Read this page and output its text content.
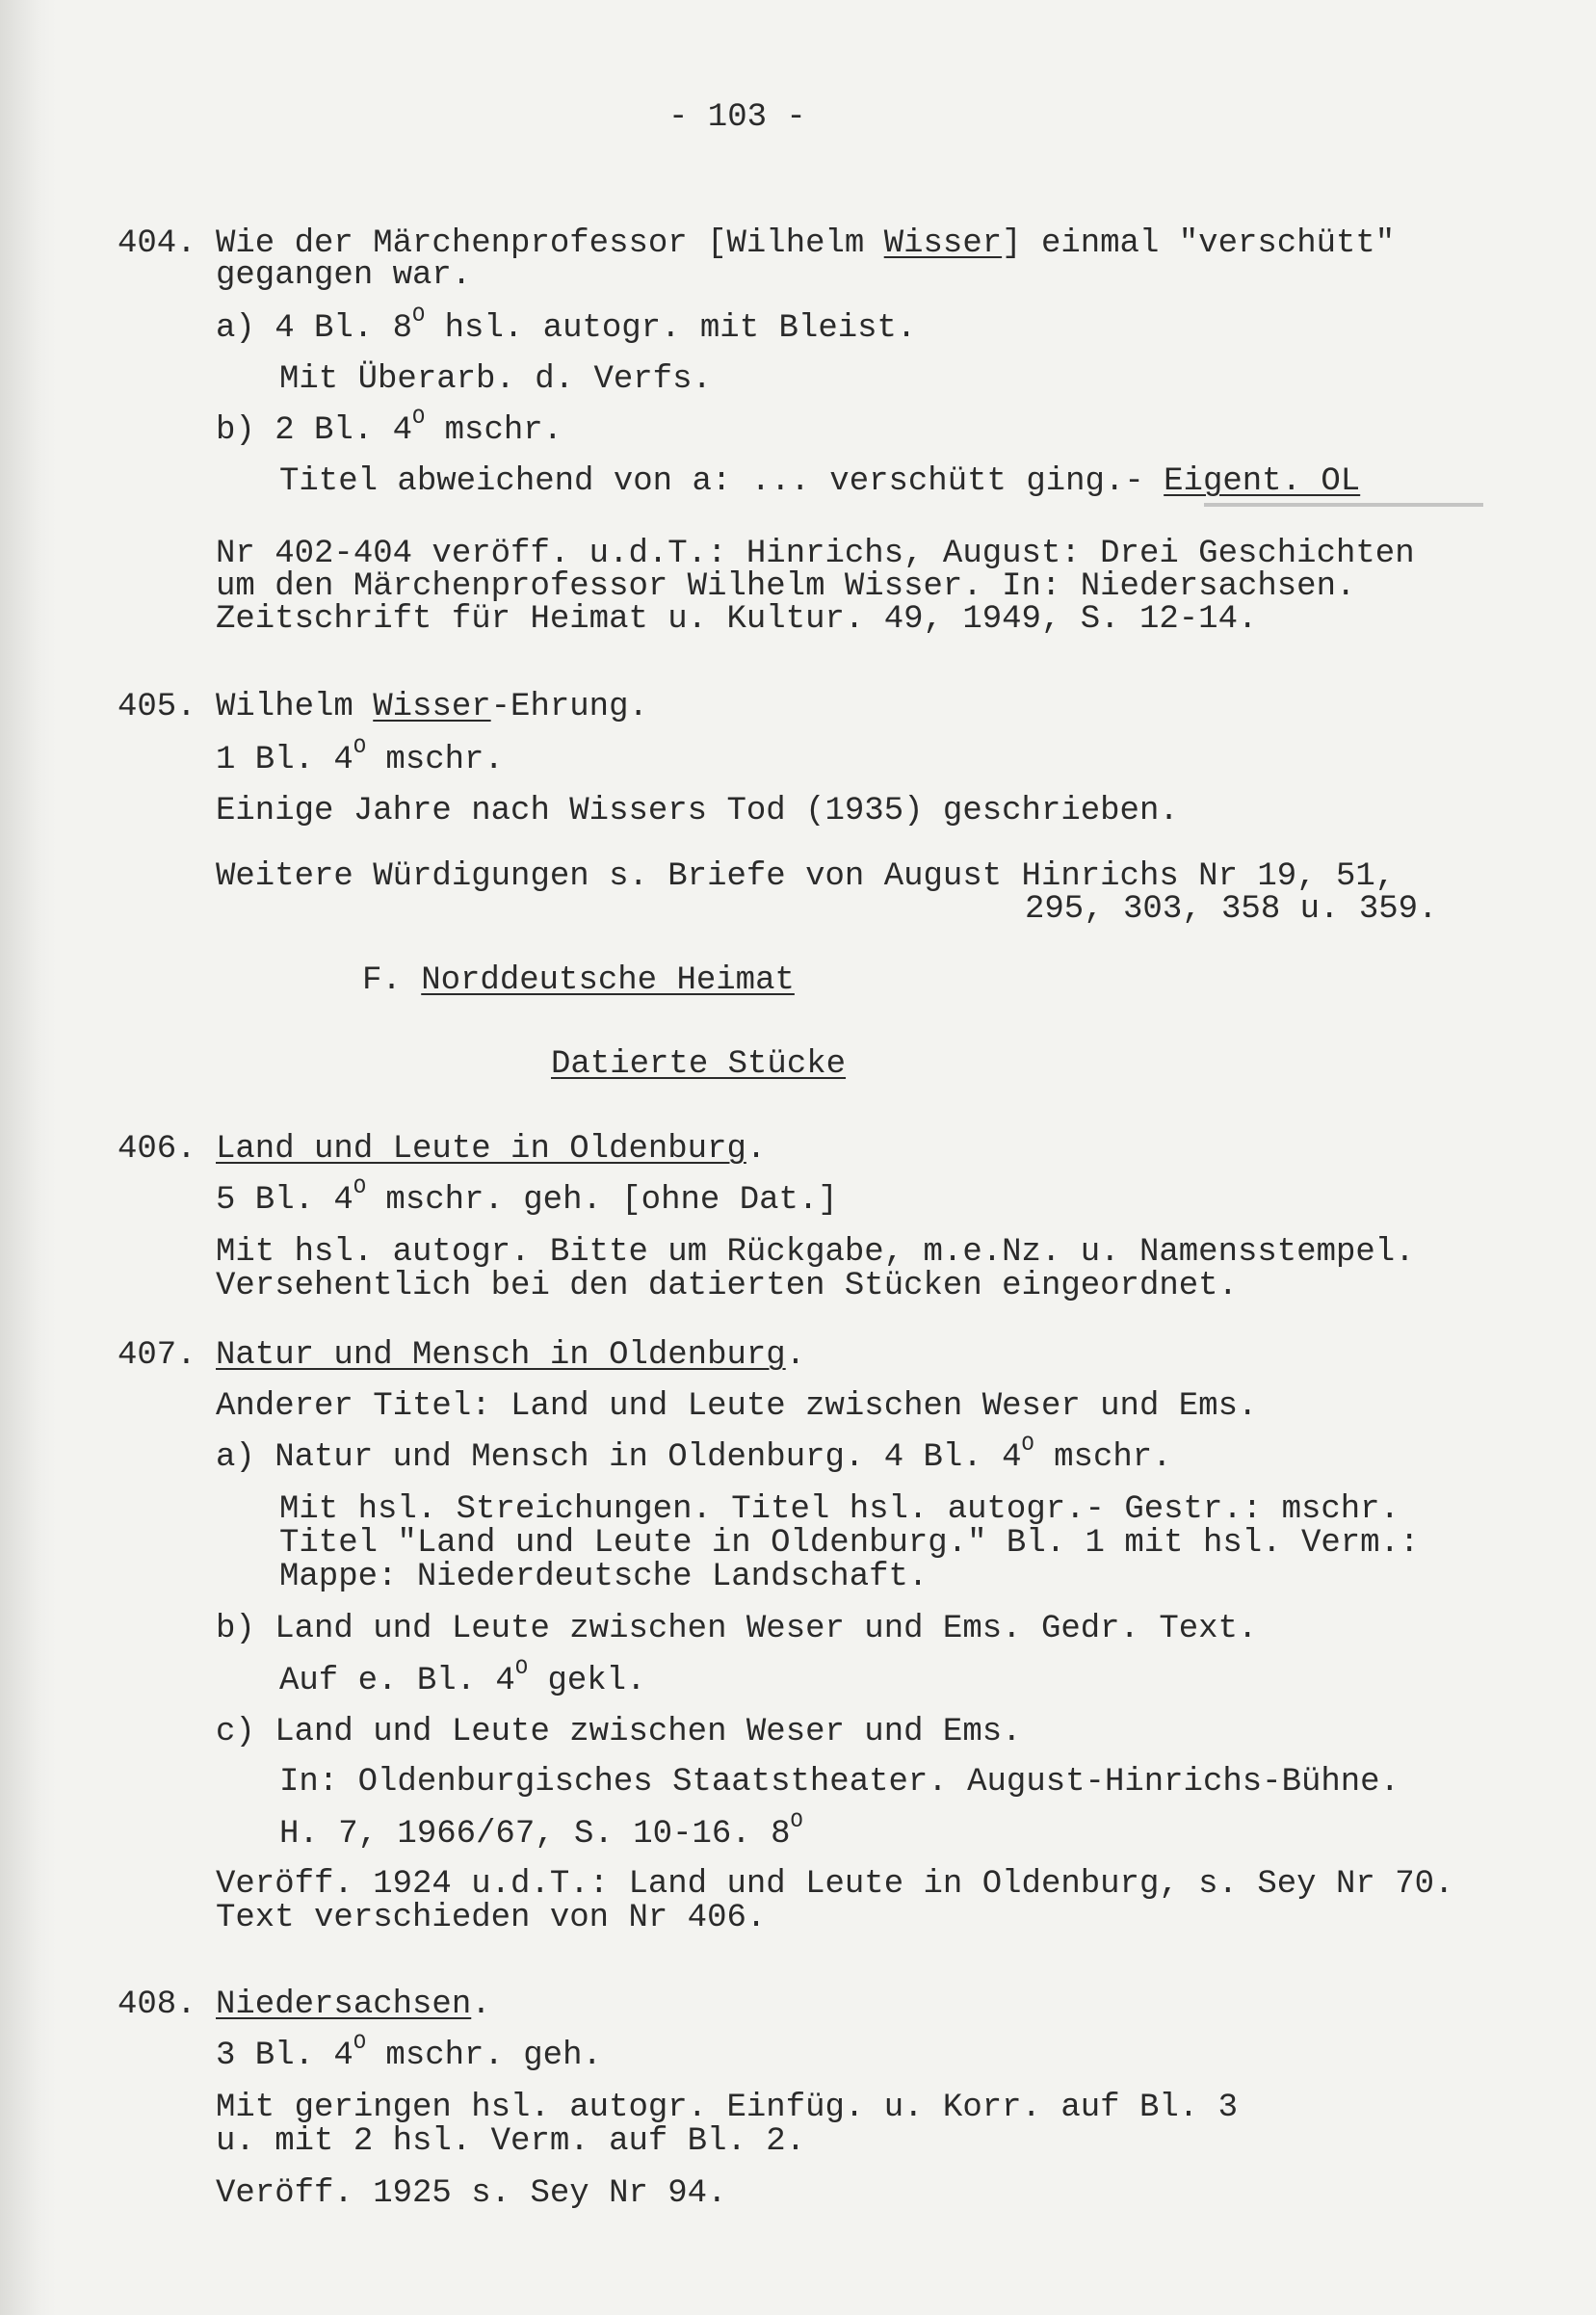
- 103 -
404. Wie der Märchenprofessor [Wilhelm Wisser] einmal "verschütt"
gegangen war.
a) 4 Bl. $8^O$ hsl. autogr. mit Bleist.
Mit Überarb. d. Verfs.
b) 2 Bl. $4^O$ mschr.
Titel abweichend von a: ... verschütt ging.- Eigent. OL
Nr 402-404 veröff. u.d.T.: Hinrichs, August: Drei Geschichten
um den Märchenprofessor Wilhelm Wisser. In: Niedersachsen.
Zeitschrift für Heimat u. Kultur. 49, 1949, S. 12-14.
405. Wilhelm Wisser-Ehrung.
1 Bl. $4^O$ mschr.
Einige Jahre nach Wissers Tod (1935) geschrieben.
Weitere Würdigungen s. Briefe von August Hinrichs Nr 19, 51,
295, 303, 358 u. 359.
F. Norddeutsche Heimat
Datierte Stücke
406. Land und Leute in Oldenburg.
5 Bl. $4^O$ mschr. geh. [ohne Dat.]
Mit hsl. autogr. Bitte um Rückgabe, m.e.Nz. u. Namensstempel.
Versehentlich bei den datierten Stücken eingeordnet.
407. Natur und Mensch in Oldenburg.
Anderer Titel: Land und Leute zwischen Weser und Ems.
a) Natur und Mensch in Oldenburg. 4 Bl. $4^O$ mschr.
Mit hsl. Streichungen. Titel hsl. autogr.- Gestr.: mschr.
Titel "Land und Leute in Oldenburg." Bl. 1 mit hsl. Verm.:
Mappe: Niederdeutsche Landschaft.
b) Land und Leute zwischen Weser und Ems. Gedr. Text.
Auf e. Bl. $4^O$ gekl.
c) Land und Leute zwischen Weser und Ems.
In: Oldenburgisches Staatstheater. August-Hinrichs-Bühne.
H. 7, 1966/67, S. 10-16. $8^O$
Veröff. 1924 u.d.T.: Land und Leute in Oldenburg, s. Sey Nr 70.
Text verschieden von Nr 406.
408. Niedersachsen.
3 Bl. $4^O$ mschr. geh.
Mit geringen hsl. autogr. Einfüg. u. Korr. auf Bl. 3
u. mit 2 hsl. Verm. auf Bl. 2.
Veröff. 1925 s. Sey Nr 94.
